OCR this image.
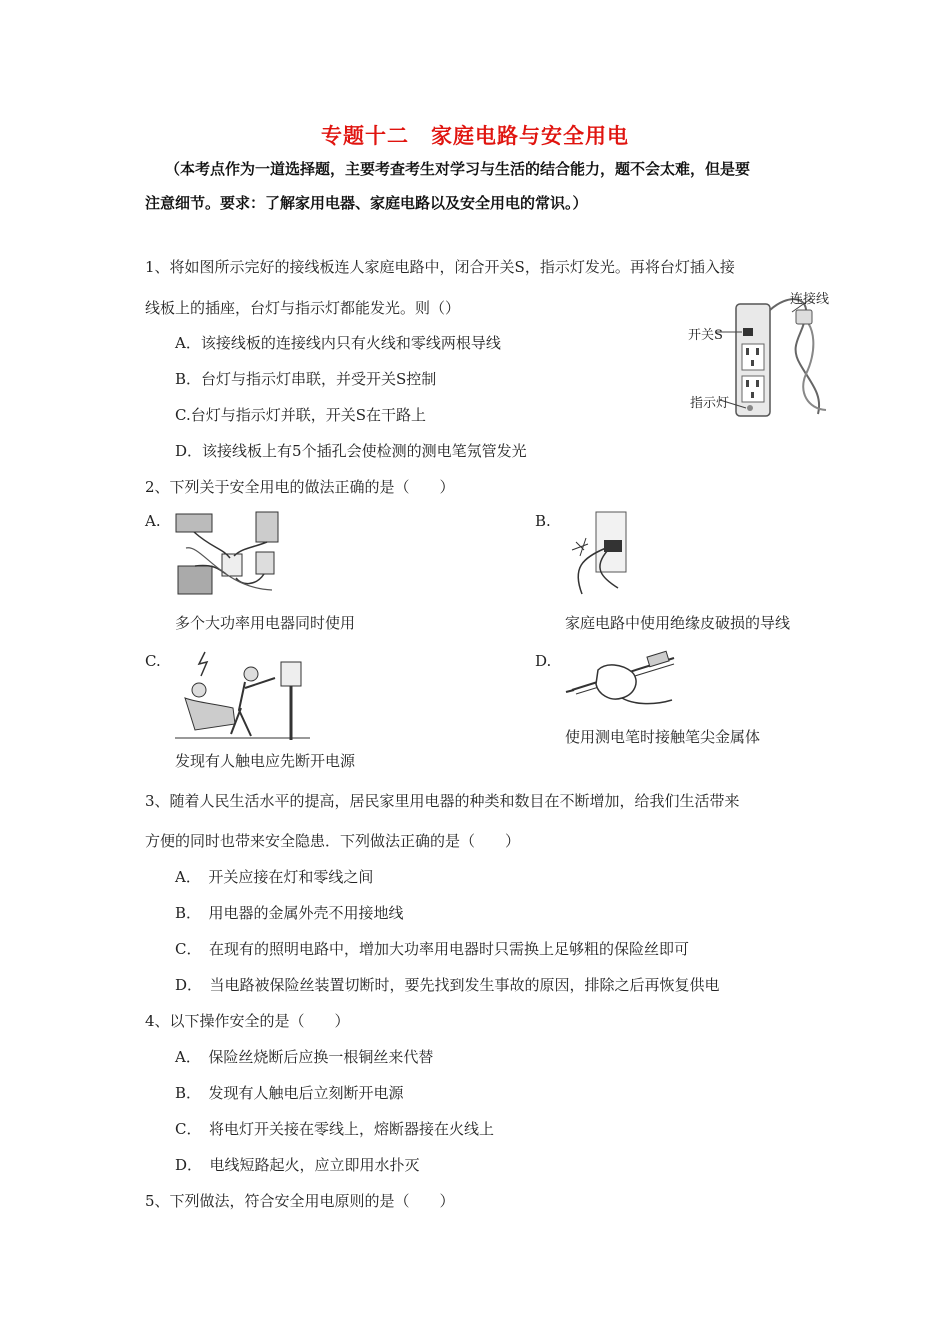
专题十二　家庭电路与安全用电
（本考点作为一道选择题，主要考查考生对学习与生活的结合能力，题不会太难，但是要
注意细节。要求：了解家用电器、家庭电路以及安全用电的常识。）
1、将如图所示完好的接线板连人家庭电路中，闭合开关S，指示灯发光。再将台灯插入接
线板上的插座，台灯与指示灯都能发光。则（）
A．该接线板的连接线内只有火线和零线两根导线
B．台灯与指示灯串联，并受开关S控制
C.台灯与指示灯并联，开关S在干路上
D．该接线板上有5个插孔会使检测的测电笔氖管发光
连接线
开关S
指示灯
2、下列关于安全用电的做法正确的是（　　）
A.
多个大功率用电器同时使用
B.
家庭电路中使用绝缘皮破损的导线
C.
发现有人触电应先断开电源
D.
使用测电笔时接触笔尖金属体
3、随着人民生活水平的提高，居民家里用电器的种类和数目在不断增加，给我们生活带来
方便的同时也带来安全隐患．下列做法正确的是（　　）
A．　开关应接在灯和零线之间
B．　用电器的金属外壳不用接地线
C．　在现有的照明电路中，增加大功率用电器时只需换上足够粗的保险丝即可
D．　当电路被保险丝装置切断时，要先找到发生事故的原因，排除之后再恢复供电
4、以下操作安全的是（　　）
A．　保险丝烧断后应换一根铜丝来代替
B．　发现有人触电后立刻断开电源
C．　将电灯开关接在零线上，熔断器接在火线上
D．　电线短路起火，应立即用水扑灭
5、下列做法，符合安全用电原则的是（　　）
